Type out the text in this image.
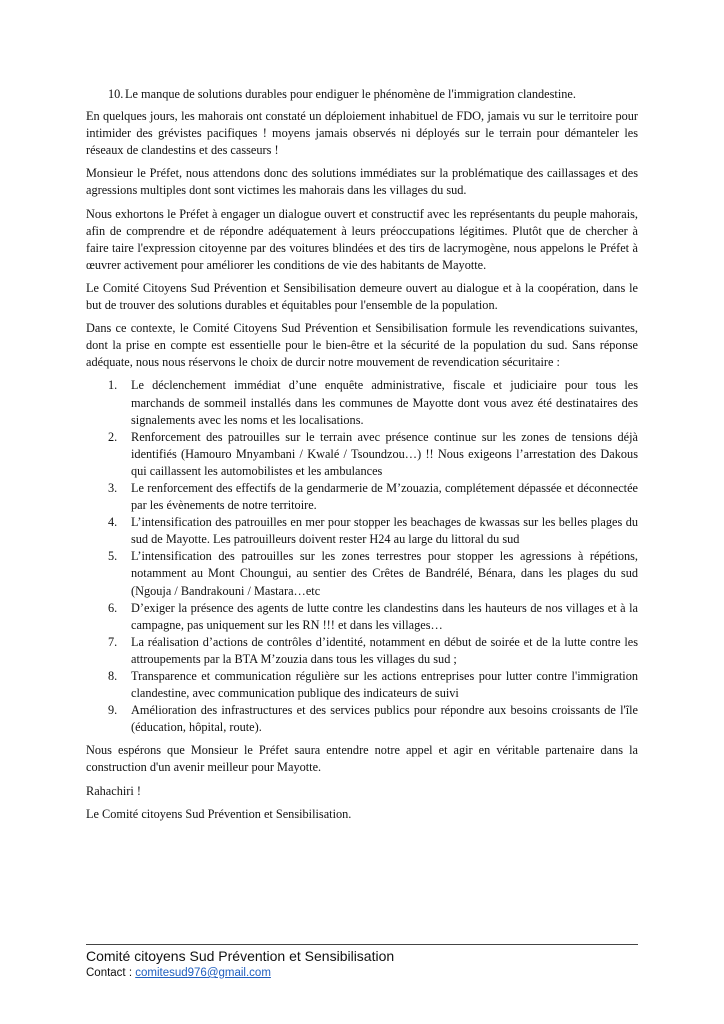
10. Le manque de solutions durables pour endiguer le phénomène de l'immigration clandestine.

En quelques jours, les mahorais ont constaté un déploiement inhabituel de FDO, jamais vu sur le territoire pour intimider des grévistes pacifiques ! moyens jamais observés ni déployés sur le terrain pour démanteler les réseaux de clandestins et des casseurs !

Monsieur le Préfet, nous attendons donc des solutions immédiates sur la problématique des caillassages et des agressions multiples dont sont victimes les mahorais dans les villages du sud.

Nous exhortons le Préfet à engager un dialogue ouvert et constructif avec les représentants du peuple mahorais, afin de comprendre et de répondre adéquatement à leurs préoccupations légitimes. Plutôt que de chercher à faire taire l'expression citoyenne par des voitures blindées et des tirs de lacrymogène, nous appelons le Préfet à œuvrer activement pour améliorer les conditions de vie des habitants de Mayotte.

Le Comité Citoyens Sud Prévention et Sensibilisation demeure ouvert au dialogue et à la coopération, dans le but de trouver des solutions durables et équitables pour l'ensemble de la population.

Dans ce contexte, le Comité Citoyens Sud Prévention et Sensibilisation formule les revendications suivantes, dont la prise en compte est essentielle pour le bien-être et la sécurité de la population du sud. Sans réponse adéquate, nous nous réservons le choix de durcir notre mouvement de revendication sécuritaire :

1. Le déclenchement immédiat d’une enquête administrative, fiscale et judiciaire pour tous les marchands de sommeil installés dans les communes de Mayotte dont vous avez été destinataires des signalements avec les noms et les localisations.
2. Renforcement des patrouilles sur le terrain avec présence continue sur les zones de tensions déjà identifiés (Hamouro Mnyambani / Kwalé / Tsoundzou…) !! Nous exigeons l’arrestation des Dakous qui caillassent les automobilistes et les ambulances
3. Le renforcement des effectifs de la gendarmerie de M’zouazia, complétement dépassée et déconnectée par les évènements de notre territoire.
4. L’intensification des patrouilles en mer pour stopper les beachages de kwassas sur les belles plages du sud de Mayotte. Les patrouilleurs doivent rester H24 au large du littoral du sud
5. L’intensification des patrouilles sur les zones terrestres pour stopper les agressions à répétions, notamment au Mont Choungui, au sentier des Crêtes de Bandrélé, Bénara, dans les plages du sud (Ngouja / Bandrakouni / Mastara…etc
6. D’exiger la présence des agents de lutte contre les clandestins dans les hauteurs de nos villages et à la campagne, pas uniquement sur les RN !!! et dans les villages…
7. La réalisation d’actions de contrôles d’identité, notamment en début de soirée et de la lutte contre les attroupements par la BTA M’zouzia dans tous les villages du sud ;
8. Transparence et communication régulière sur les actions entreprises pour lutter contre l'immigration clandestine, avec communication publique des indicateurs de suivi
9. Amélioration des infrastructures et des services publics pour répondre aux besoins croissants de l'île (éducation, hôpital, route).

Nous espérons que Monsieur le Préfet saura entendre notre appel et agir en véritable partenaire dans la construction d'un avenir meilleur pour Mayotte.

Rahachiri !

Le Comité citoyens Sud Prévention et Sensibilisation.

Comité citoyens Sud Prévention et Sensibilisation
Contact : comitesud976@gmail.com
